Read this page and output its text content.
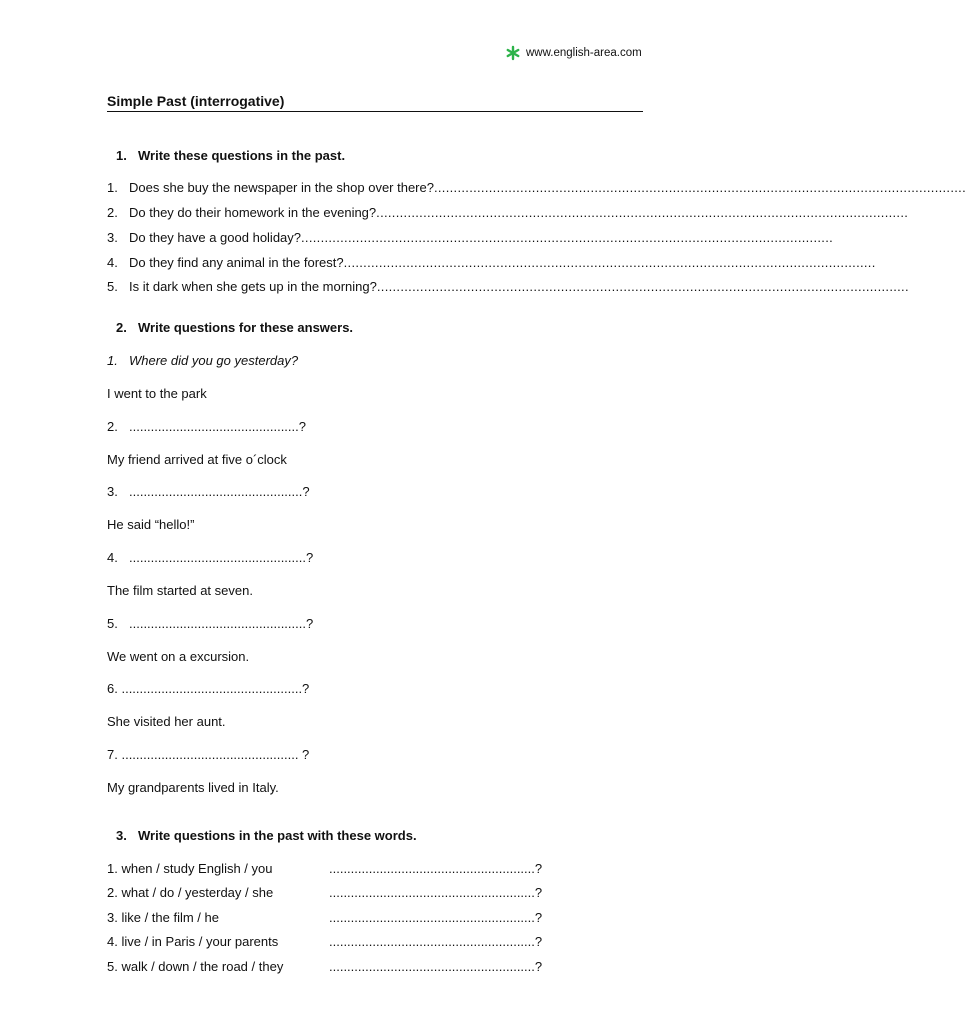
www.english-area.com
Simple Past (interrogative)
1. Write these questions in the past.
1. Does she buy the newspaper in the shop over there? ........................................................................................................................................
2. Do they do their homework in the evening? ........................................................................................................................................
3. Do they have a good holiday? ........................................................................................................................................
4. Do they find any animal in the forest? ........................................................................................................................................
5. Is it dark when she gets up in the morning? ........................................................................................................................................
2. Write questions for these answers.
1. Where did you go yesterday?
I went to the park
2. ...............................................?
My friend arrived at five o´clock
3. ................................................?
He said “hello!”
4. .................................................?
The film started at seven.
5. .................................................?
We went on a excursion.
6. ..................................................?
She visited her aunt.
7. ................................................. ?
My grandparents lived in Italy.
3. Write questions in the past with these words.
1. when / study English / you	.........................................................?
2. what / do / yesterday / she	.........................................................?
3. like / the film / he	.........................................................?
4. live / in Paris / your parents	.........................................................?
5. walk / down / the road / they	.........................................................?
